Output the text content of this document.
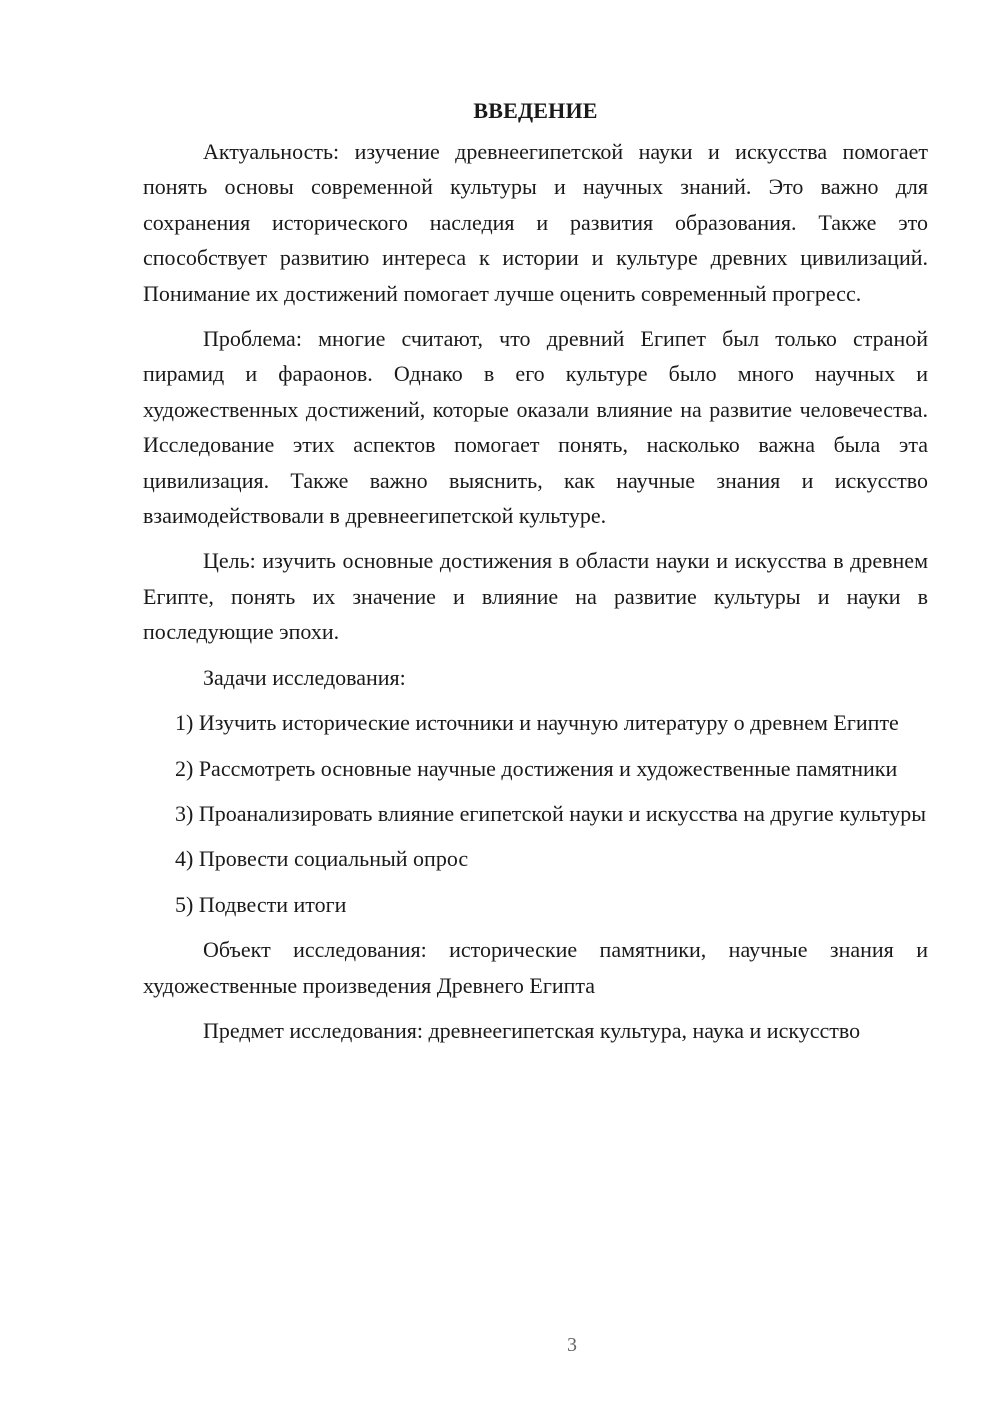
ВВЕДЕНИЕ

Актуальность: изучение древнеегипетской науки и искусства помогает понять основы современной культуры и научных знаний. Это важно для сохранения исторического наследия и развития образования. Также это способствует развитию интереса к истории и культуре древних цивилизаций. Понимание их достижений помогает лучше оценить современный прогресс.

Проблема: многие считают, что древний Египет был только страной пирамид и фараонов. Однако в его культуре было много научных и художественных достижений, которые оказали влияние на развитие человечества. Исследование этих аспектов помогает понять, насколько важна была эта цивилизация. Также важно выяснить, как научные знания и искусство взаимодействовали в древнеегипетской культуре.

Цель: изучить основные достижения в области науки и искусства в древнем Египте, понять их значение и влияние на развитие культуры и науки в последующие эпохи.

Задачи исследования:

1) Изучить исторические источники и научную литературу о древнем Египте

2) Рассмотреть основные научные достижения и художественные памятники

3) Проанализировать влияние египетской науки и искусства на другие культуры

4) Провести социальный опрос

5) Подвести итоги

Объект исследования: исторические памятники, научные знания и художественные произведения Древнего Египта

Предмет исследования: древнеегипетская культура, наука и искусство

3
